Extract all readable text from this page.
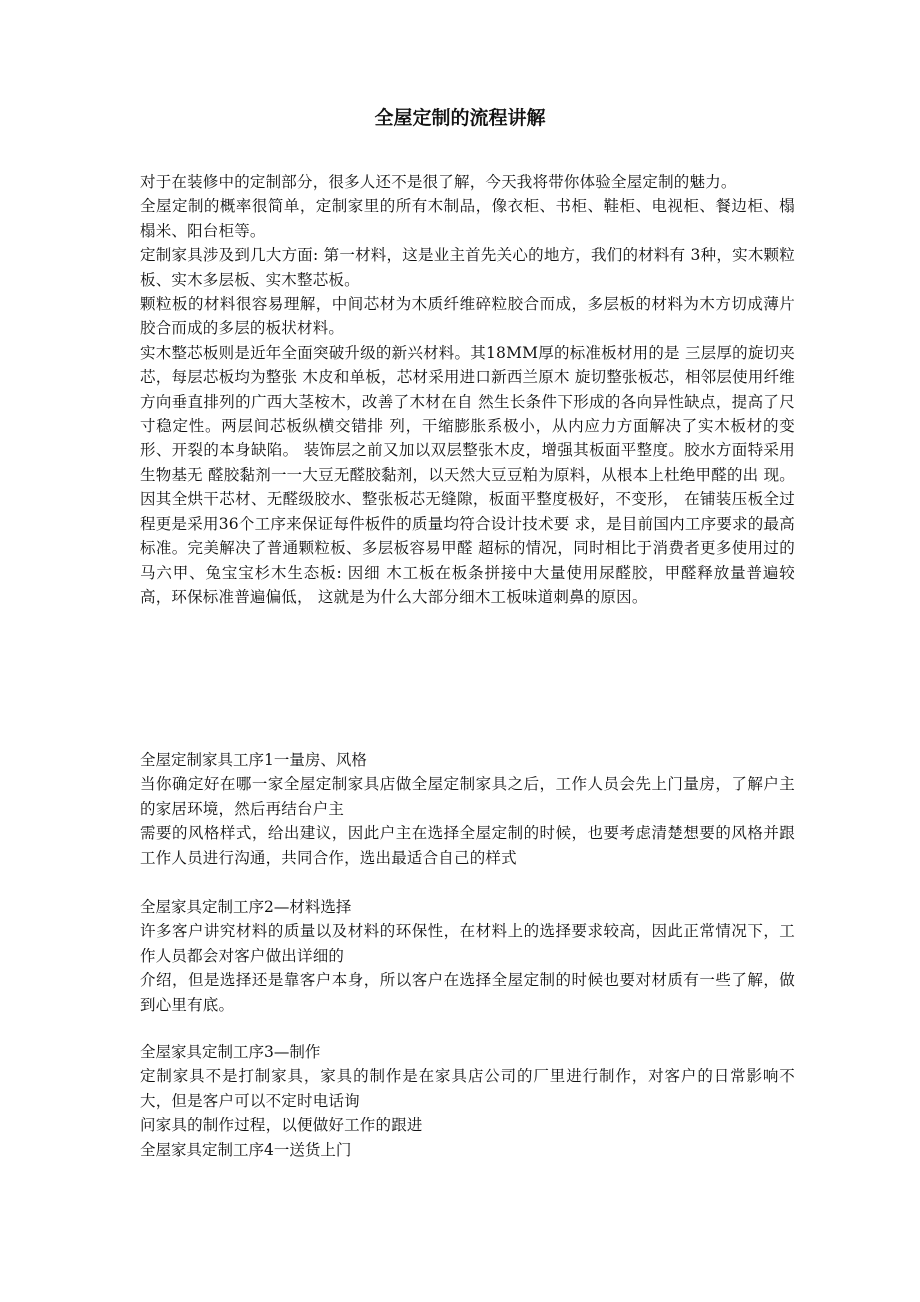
全屋定制的流程讲解

对于在装修中的定制部分，很多人还不是很了解，今天我将带你体验全屋定制的魅力。

全屋定制的概率很简单，定制家里的所有木制品，像衣柜、书柜、鞋柜、电视柜、餐边柜、榻榻米、阳台柜等。

定制家具涉及到几大方面: 第一材料，这是业主首先关心的地方，我们的材料有 3种，实木颗粒板、实木多层板、实木整芯板。

颗粒板的材料很容易理解，中间芯材为木质纤维碎粒胶合而成，多层板的材料为木方切成薄片胶合而成的多层的板状材料。

实木整芯板则是近年全面突破升级的新兴材料。其18MM厚的标准板材用的是 三层厚的旋切夹芯，每层芯板均为整张 木皮和单板，芯材采用进口新西兰原木 旋切整张板芯，相邻层使用纤维方向垂直排列的广西大茎桉木，改善了木材在自 然生长条件下形成的各向异性缺点，提高了尺寸稳定性。两层间芯板纵横交错排 列，干缩膨胀系极小，从内应力方面解决了实木板材的变形、开裂的本身缺陷。 装饰层之前又加以双层整张木皮，增强其板面平整度。胶水方面特采用生物基无 醛胶黏剂一一大豆无醛胶黏剂，以天然大豆豆粕为原料，从根本上杜绝甲醛的出 现。因其全烘干芯材、无醛级胶水、整张板芯无缝隙，板面平整度极好，不变形， 在铺装压板全过程更是采用36个工序来保证每件板件的质量均符合设计技术要 求，是目前国内工序要求的最高标准。完美解决了普通颗粒板、多层板容易甲醛 超标的情况，同时相比于消费者更多使用过的马六甲、兔宝宝杉木生态板: 因细 木工板在板条拼接中大量使用尿醛胶，甲醛释放量普遍较高，环保标准普遍偏低， 这就是为什么大部分细木工板味道刺鼻的原因。

全屋定制家具工序1一量房、风格

当你确定好在哪一家全屋定制家具店做全屋定制家具之后，工作人员会先上门量房，了解户主的家居环境，然后再结台户主

需要的风格样式，给出建议，因此户主在选择全屋定制的时候，也要考虑清楚想要的风格并跟工作人员进行沟通，共同合作，选出最适合自己的样式

全屋家具定制工序2—材料选择

许多客户讲究材料的质量以及材料的环保性，在材料上的选择要求较高，因此正常情况下，工作人员都会对客户做出详细的

介绍，但是选择还是靠客户本身，所以客户在选择全屋定制的时候也要对材质有一些了解，做到心里有底。

全屋家具定制工序3—制作

定制家具不是打制家具，家具的制作是在家具店公司的厂里进行制作，对客户的日常影响不大，但是客户可以不定时电话询

问家具的制作过程，以便做好工作的跟进

全屋家具定制工序4一送货上门
